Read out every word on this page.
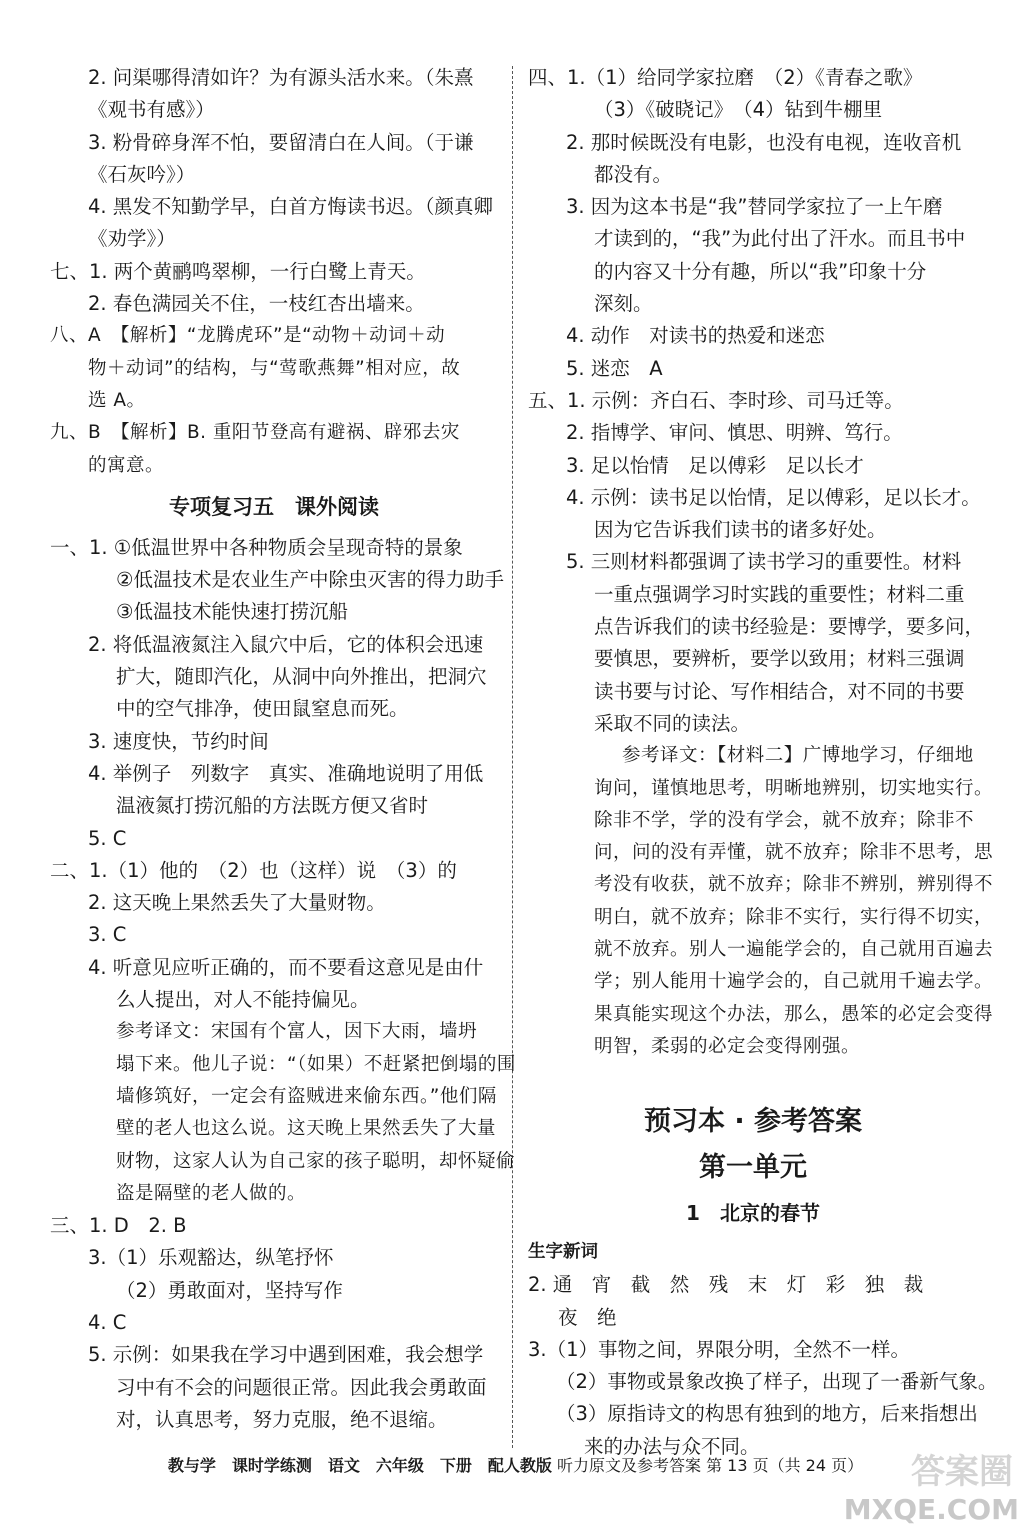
2. 问渠哪得清如许？为有源头活水来。（朱熹
《观书有感》）
3. 粉骨碎身浑不怕，要留清白在人间。（于谦
《石灰吟》）
4. 黑发不知勤学早，白首方悔读书迟。（颜真卿
《劝学》）
七、1. 两个黄鹂鸣翠柳，一行白鹭上青天。
2. 春色满园关不住，一枝红杏出墙来。
八、A　【解析】“龙腾虎环”是“动物＋动词＋动
物＋动词”的结构，与“莺歌燕舞”相对应，故
选 A。
九、B　【解析】B. 重阳节登高有避祸、辟邪去灾
的寓意。
专项复习五　课外阅读
一、1. ①低温世界中各种物质会呈现奇特的景象
②低温技术是农业生产中除虫灭害的得力助手
③低温技术能快速打捞沉船
2. 将低温液氮注入鼠穴中后，它的体积会迅速
扩大，随即汽化，从洞中向外推出，把洞穴
中的空气排净，使田鼠窒息而死。
3. 速度快，节约时间
4. 举例子　列数字　真实、准确地说明了用低
温液氮打捞沉船的方法既方便又省时
5. C
二、1.（1）他的　（2）也（这样）说　（3）的
2. 这天晚上果然丢失了大量财物。
3. C
4. 听意见应听正确的，而不要看这意见是由什
么人提出，对人不能持偏见。
参考译文：宋国有个富人，因下大雨，墙坍
塌下来。他儿子说：“（如果）不赶紧把倒塌的围
墙修筑好，一定会有盗贼进来偷东西。”他们隔
壁的老人也这么说。这天晚上果然丢失了大量
财物，这家人认为自己家的孩子聪明，却怀疑偷
盗是隔壁的老人做的。
三、1. D　2. B
3.（1）乐观豁达，纵笔抒怀
（2）勇敢面对，坚持写作
4. C
5. 示例：如果我在学习中遇到困难，我会想学
习中有不会的问题很正常。因此我会勇敢面
对，认真思考，努力克服，绝不退缩。
四、1.（1）给同学家拉磨　（2）《青春之歌》
（3）《破晓记》　（4）钻到牛棚里
2. 那时候既没有电影，也没有电视，连收音机
都没有。
3. 因为这本书是“我”替同学家拉了一上午磨
才读到的，“我”为此付出了汗水。而且书中
的内容又十分有趣，所以“我”印象十分
深刻。
4. 动作　对读书的热爱和迷恋
5. 迷恋　A
五、1. 示例：齐白石、李时珍、司马迁等。
2. 指博学、审问、慎思、明辨、笃行。
3. 足以怡情　足以傅彩　足以长才
4. 示例：读书足以怡情，足以傅彩，足以长才。
因为它告诉我们读书的诸多好处。
5. 三则材料都强调了读书学习的重要性。材料
一重点强调学习时实践的重要性；材料二重
点告诉我们的读书经验是：要博学，要多问，
要慎思，要辨析，要学以致用；材料三强调
读书要与讨论、写作相结合，对不同的书要
采取不同的读法。
参考译文：【材料二】广博地学习，仔细地
询问，谨慎地思考，明晰地辨别，切实地实行。
除非不学，学的没有学会，就不放弃；除非不
问，问的没有弄懂，就不放弃；除非不思考，思
考没有收获，就不放弃；除非不辨别，辨别得不
明白，就不放弃；除非不实行，实行得不切实，
就不放弃。别人一遍能学会的，自己就用百遍去
学；别人能用十遍学会的，自己就用千遍去学。
果真能实现这个办法，那么，愚笨的必定会变得
明智，柔弱的必定会变得刚强。
预习本 · 参考答案
第一单元
1　北京的春节
生字新词
2. 通　宵　截　然　残　末　灯　彩　独　裁
夜　绝
3.（1）事物之间，界限分明，全然不一样。
（2）事物或景象改换了样子，出现了一番新气象。
（3）原指诗文的构思有独到的地方，后来指想出
来的办法与众不同。
教与学　课时学练测　语文　六年级　下册　配人教版 听力原文及参考答案 第 13 页（共 24 页）	答案圈
MXQE.COM
